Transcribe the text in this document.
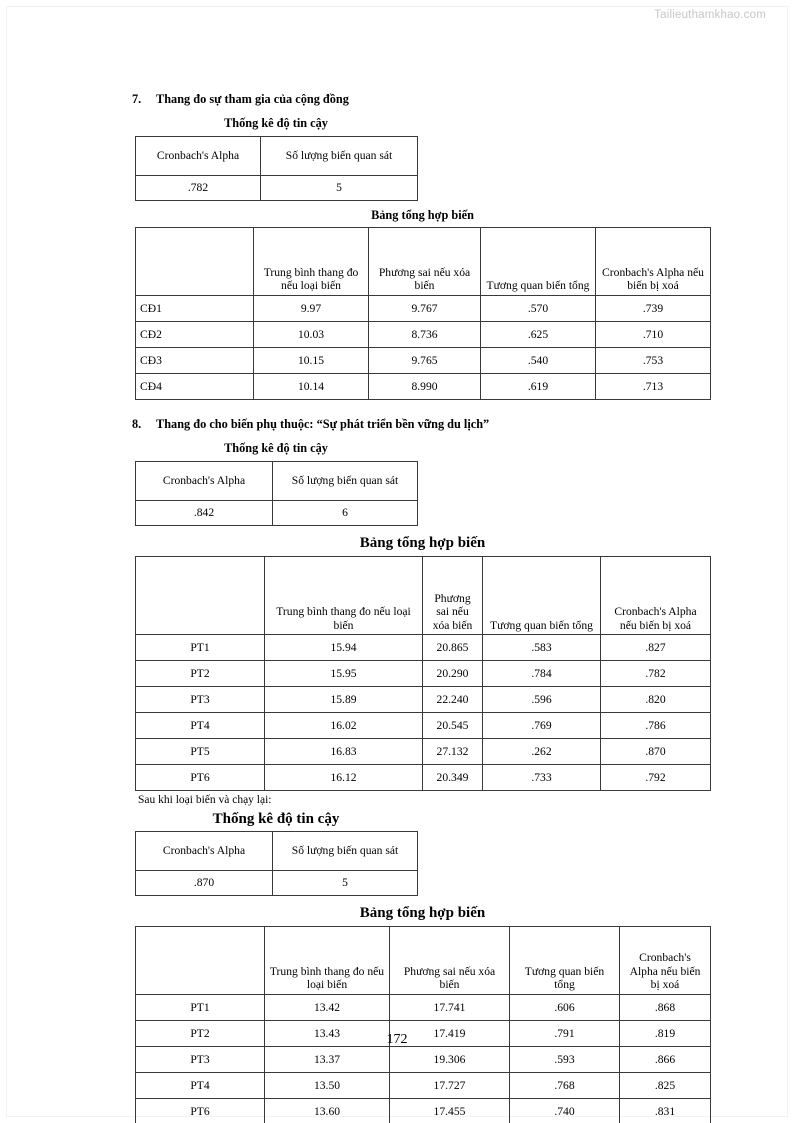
Tailieuthamkhao.com
7.	Thang đo sự tham gia của cộng đồng
Thống kê độ tin cậy
Cronbach's Alpha	Số lượng biến quan sát
.782	5
Bảng tổng hợp biến
	Trung bình thang đo nếu loại biến	Phương sai nếu xóa biến	Tương quan biến tổng	Cronbach's Alpha nếu biến bị xoá
CĐ1	9.97	9.767	.570	.739
CĐ2	10.03	8.736	.625	.710
CĐ3	10.15	9.765	.540	.753
CĐ4	10.14	8.990	.619	.713
8.	Thang đo cho biến phụ thuộc: “Sự phát triển bền vững du lịch”
Thống kê độ tin cậy
Cronbach's Alpha	Số lượng biến quan sát
.842	6
Bảng tổng hợp biến
	Trung bình thang đo nếu loại biến	Phương sai nếu xóa biến	Tương quan biến tổng	Cronbach's Alpha nếu biến bị xoá
PT1	15.94	20.865	.583	.827
PT2	15.95	20.290	.784	.782
PT3	15.89	22.240	.596	.820
PT4	16.02	20.545	.769	.786
PT5	16.83	27.132	.262	.870
PT6	16.12	20.349	.733	.792
Sau khi loại biến và chạy lại:
Thống kê độ tin cậy
Cronbach's Alpha	Số lượng biến quan sát
.870	5
Bảng tổng hợp biến
	Trung bình thang đo nếu loại biến	Phương sai nếu xóa biến	Tương quan biến tổng	Cronbach's Alpha nếu biến bị xoá
PT1	13.42	17.741	.606	.868
PT2	13.43	17.419	.791	.819
PT3	13.37	19.306	.593	.866
PT4	13.50	17.727	.768	.825
PT6	13.60	17.455	.740	.831
172
